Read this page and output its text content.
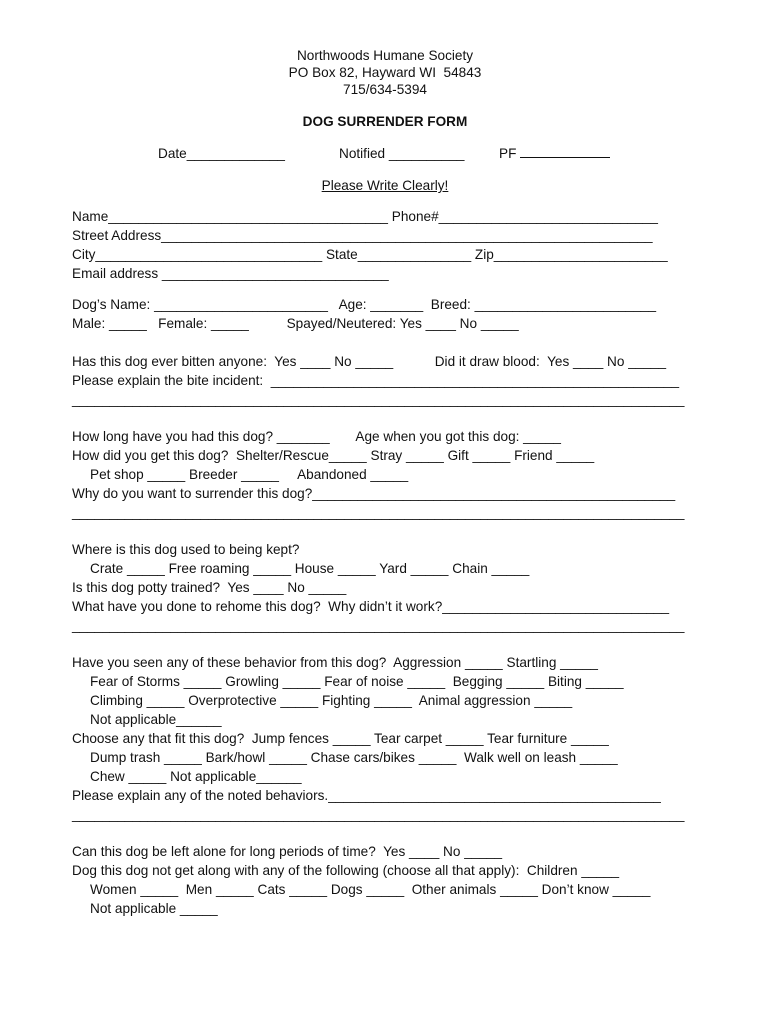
Northwoods Humane Society
PO Box 82, Hayward WI  54843
715/634-5394
DOG SURRENDER FORM
Date_____________	Notified __________	PF
Please Write Clearly!
Name_____________________________________ Phone#_____________________________
Street Address_________________________________________________________________
City______________________________ State_______________ Zip_______________________
Email address ______________________________
Dog’s Name: _______________________   Age: _______  Breed: ________________________
Male: _____   Female: _____          Spayed/Neutered: Yes ____ No _____
Has this dog ever bitten anyone:  Yes ____ No _____           Did it draw blood:  Yes ____ No _____
Please explain the bite incident:  ______________________________________________________
_________________________________________________________________________________
How long have you had this dog? _______       Age when you got this dog: _____
How did you get this dog?  Shelter/Rescue_____ Stray _____ Gift _____ Friend _____
Pet shop _____ Breeder _____     Abandoned _____
Why do you want to surrender this dog?________________________________________________
_________________________________________________________________________________
Where is this dog used to being kept?
Crate _____ Free roaming _____ House _____ Yard _____ Chain _____
Is this dog potty trained?  Yes ____ No _____
What have you done to rehome this dog?  Why didn’t it work?______________________________
_________________________________________________________________________________
Have you seen any of these behavior from this dog?  Aggression _____ Startling _____
Fear of Storms _____ Growling _____ Fear of noise _____  Begging _____ Biting _____
Climbing _____ Overprotective _____ Fighting _____  Animal aggression _____
Not applicable______
Choose any that fit this dog?  Jump fences _____ Tear carpet _____ Tear furniture _____
Dump trash _____ Bark/howl _____ Chase cars/bikes _____  Walk well on leash _____
Chew _____ Not applicable______
Please explain any of the noted behaviors.____________________________________________
_________________________________________________________________________________
Can this dog be left alone for long periods of time?  Yes ____ No _____
Dog this dog not get along with any of the following (choose all that apply):  Children _____
Women _____  Men _____ Cats _____ Dogs _____  Other animals _____ Don’t know _____
Not applicable _____
